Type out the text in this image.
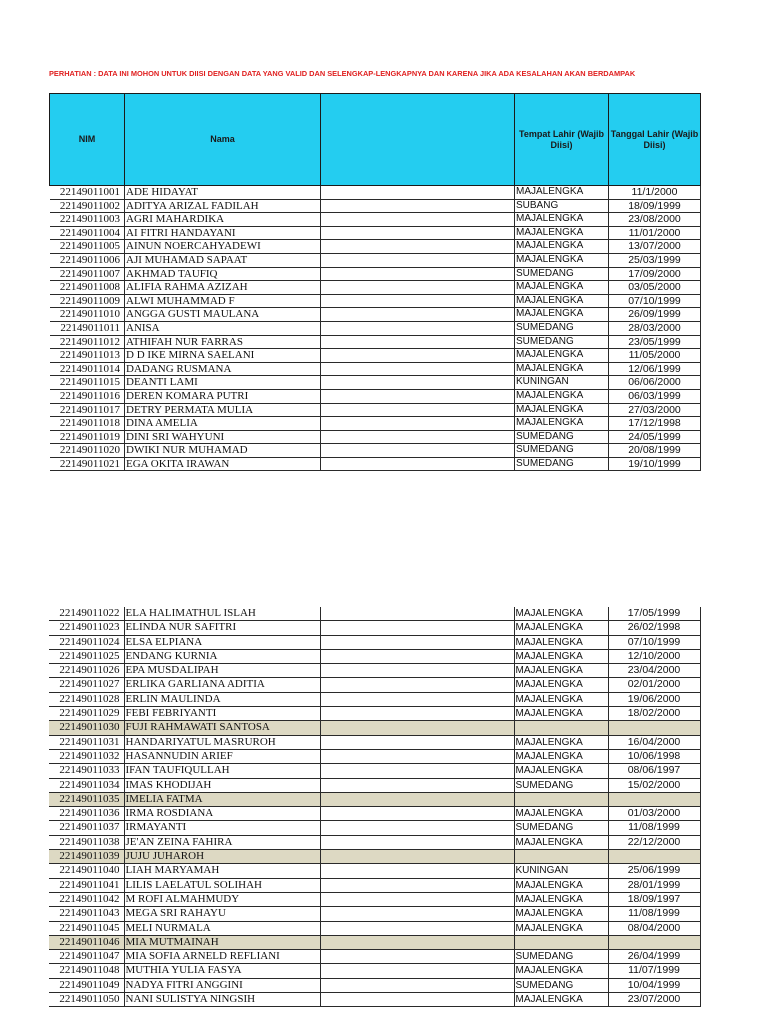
PERHATIAN : DATA INI MOHON UNTUK DIISI DENGAN DATA YANG VALID DAN SELENGKAP-LENGKAPNYA DAN KARENA JIKA ADA KESALAHAN AKAN BERDAMPAK
NIM	Nama		Tempat Lahir (Wajib Diisi)	Tanggal Lahir (Wajib Diisi)
22149011001	ADE HIDAYAT		MAJALENGKA	11/1/2000
22149011002	ADITYA ARIZAL FADILAH		SUBANG	18/09/1999
22149011003	AGRI MAHARDIKA		MAJALENGKA	23/08/2000
22149011004	AI FITRI HANDAYANI		MAJALENGKA	11/01/2000
22149011005	AINUN NOERCAHYADEWI		MAJALENGKA	13/07/2000
22149011006	AJI MUHAMAD SAPAAT		MAJALENGKA	25/03/1999
22149011007	AKHMAD TAUFIQ		SUMEDANG	17/09/2000
22149011008	ALIFIA RAHMA AZIZAH		MAJALENGKA	03/05/2000
22149011009	ALWI MUHAMMAD F		MAJALENGKA	07/10/1999
22149011010	ANGGA GUSTI MAULANA		MAJALENGKA	26/09/1999
22149011011	ANISA		SUMEDANG	28/03/2000
22149011012	ATHIFAH NUR FARRAS		SUMEDANG	23/05/1999
22149011013	D D IKE MIRNA SAELANI		MAJALENGKA	11/05/2000
22149011014	DADANG RUSMANA		MAJALENGKA	12/06/1999
22149011015	DEANTI LAMI		KUNINGAN	06/06/2000
22149011016	DEREN KOMARA PUTRI		MAJALENGKA	06/03/1999
22149011017	DETRY PERMATA MULIA		MAJALENGKA	27/03/2000
22149011018	DINA AMELIA		MAJALENGKA	17/12/1998
22149011019	DINI SRI WAHYUNI		SUMEDANG	24/05/1999
22149011020	DWIKI NUR MUHAMAD		SUMEDANG	20/08/1999
22149011021	EGA OKITA IRAWAN		SUMEDANG	19/10/1999
22149011022	ELA HALIMATHUL ISLAH		MAJALENGKA	17/05/1999
22149011023	ELINDA NUR SAFITRI		MAJALENGKA	26/02/1998
22149011024	ELSA ELPIANA		MAJALENGKA	07/10/1999
22149011025	ENDANG KURNIA		MAJALENGKA	12/10/2000
22149011026	EPA MUSDALIPAH		MAJALENGKA	23/04/2000
22149011027	ERLIKA GARLIANA ADITIA		MAJALENGKA	02/01/2000
22149011028	ERLIN MAULINDA		MAJALENGKA	19/06/2000
22149011029	FEBI FEBRIYANTI		MAJALENGKA	18/02/2000
22149011030	FUJI RAHMAWATI SANTOSA			
22149011031	HANDARIYATUL MASRUROH		MAJALENGKA	16/04/2000
22149011032	HASANNUDIN ARIEF		MAJALENGKA	10/06/1998
22149011033	IFAN TAUFIQULLAH		MAJALENGKA	08/06/1997
22149011034	IMAS KHODIJAH		SUMEDANG	15/02/2000
22149011035	IMELIA FATMA			
22149011036	IRMA ROSDIANA		MAJALENGKA	01/03/2000
22149011037	IRMAYANTI		SUMEDANG	11/08/1999
22149011038	JE'AN ZEINA FAHIRA		MAJALENGKA	22/12/2000
22149011039	JUJU JUHAROH			
22149011040	LIAH MARYAMAH		KUNINGAN	25/06/1999
22149011041	LILIS LAELATUL SOLIHAH		MAJALENGKA	28/01/1999
22149011042	M ROFI ALMAHMUDY		MAJALENGKA	18/09/1997
22149011043	MEGA SRI RAHAYU		MAJALENGKA	11/08/1999
22149011045	MELI NURMALA		MAJALENGKA	08/04/2000
22149011046	MIA MUTMAINAH			
22149011047	MIA SOFIA ARNELD REFLIANI		SUMEDANG	26/04/1999
22149011048	MUTHIA YULIA FASYA		MAJALENGKA	11/07/1999
22149011049	NADYA FITRI ANGGINI		SUMEDANG	10/04/1999
22149011050	NANI SULISTYA NINGSIH		MAJALENGKA	23/07/2000
